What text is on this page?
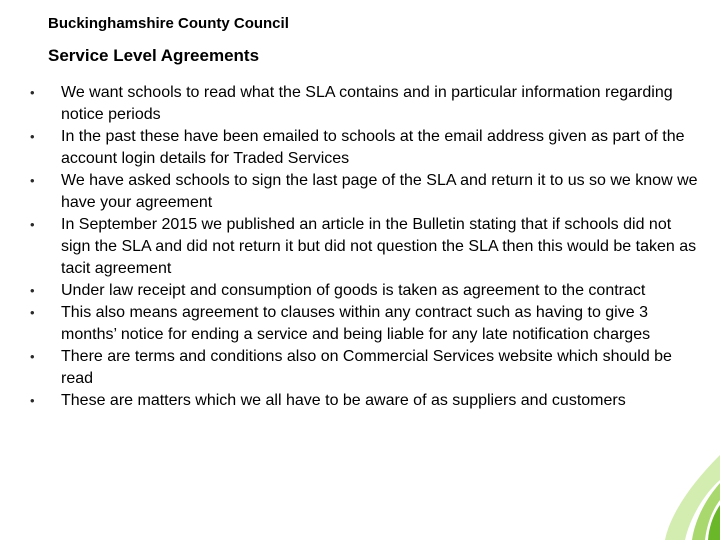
Buckinghamshire County Council
Service Level Agreements
• We want schools to read what the SLA contains and in particular information regarding notice periods
• In the past these have been emailed to schools at the email address given as part of the account login details for Traded Services
• We have asked schools to sign the last page of the SLA and return it to us so we know we have your agreement
• In September 2015 we published an article in the Bulletin stating that if schools did not sign the SLA and did not return it but did not question the SLA then this would be taken as tacit agreement
• Under law receipt and consumption of goods is taken as agreement to the contract
• This also means agreement to clauses within any contract such as having to give 3 months’ notice for ending a service and being liable for any late notification charges
• There are terms and conditions also on Commercial Services website which should be read
• These are matters which we all have to be aware of as suppliers and customers
